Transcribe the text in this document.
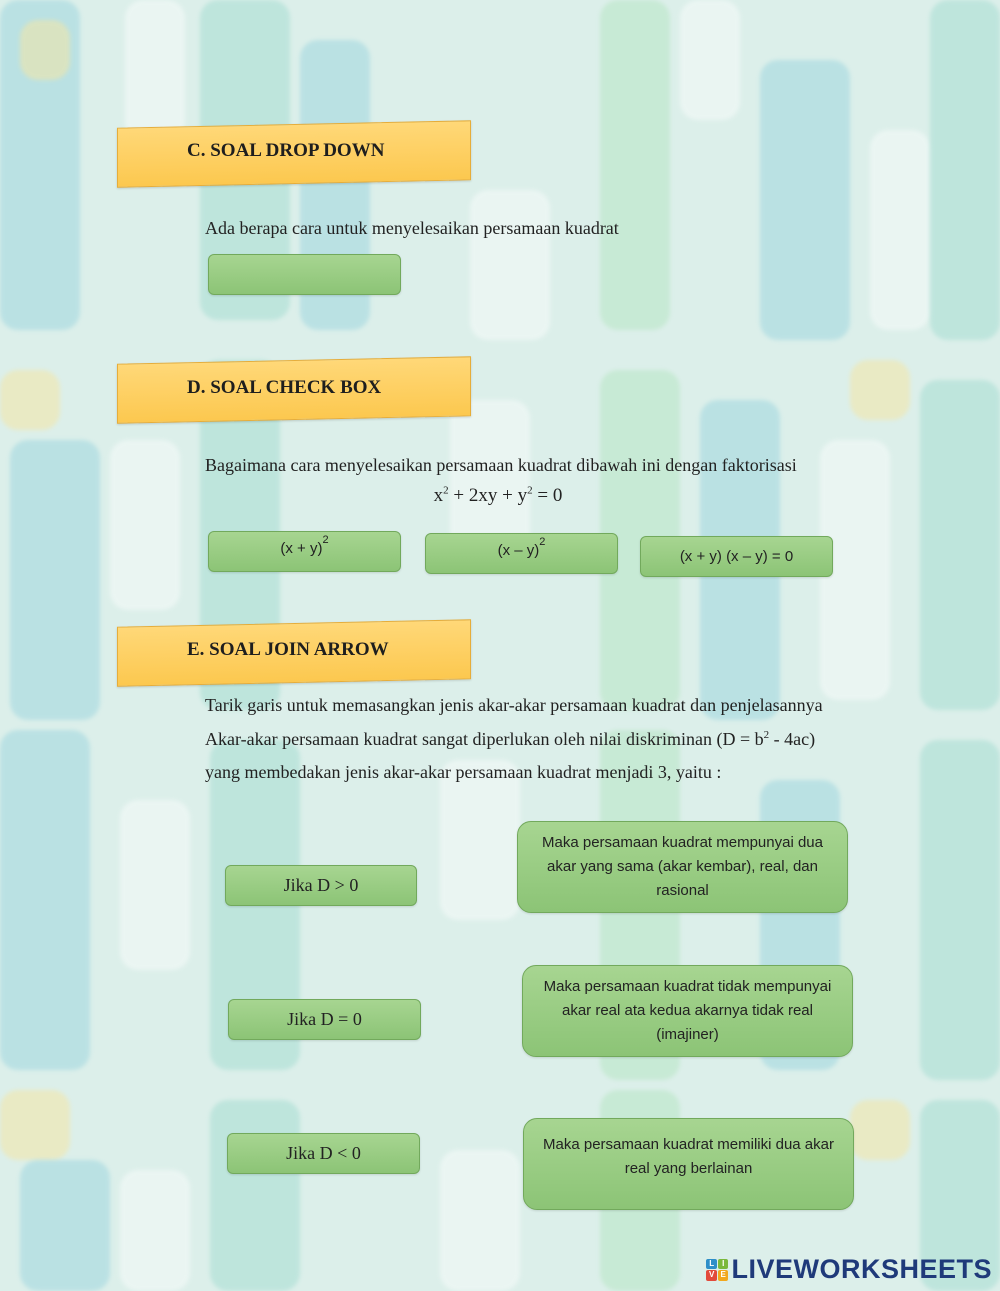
C. SOAL DROP DOWN
Ada berapa cara untuk menyelesaikan persamaan kuadrat
D. SOAL CHECK BOX
Bagaimana cara menyelesaikan persamaan kuadrat dibawah ini dengan faktorisasi
$x^2 + 2xy + y^2 = 0$
(x + y) 2
(x – y) 2
(x + y) (x – y) = 0
E. SOAL JOIN ARROW
Tarik garis untuk memasangkan jenis akar-akar persamaan kuadrat dan penjelasannya
Akar-akar persamaan kuadrat sangat diperlukan oleh nilai diskriminan $(D = b^2 - 4ac)$
yang membedakan jenis akar-akar persamaan kuadrat menjadi 3, yaitu :
Jika D > 0
Jika D = 0
Jika D < 0
Maka persamaan kuadrat mempunyai dua akar yang sama (akar kembar), real, dan rasional
Maka persamaan kuadrat tidak mempunyai akar real ata kedua akarnya tidak real (imajiner)
Maka persamaan kuadrat memiliki dua akar real yang berlainan
L I
V E LIVEWORKSHEETS
